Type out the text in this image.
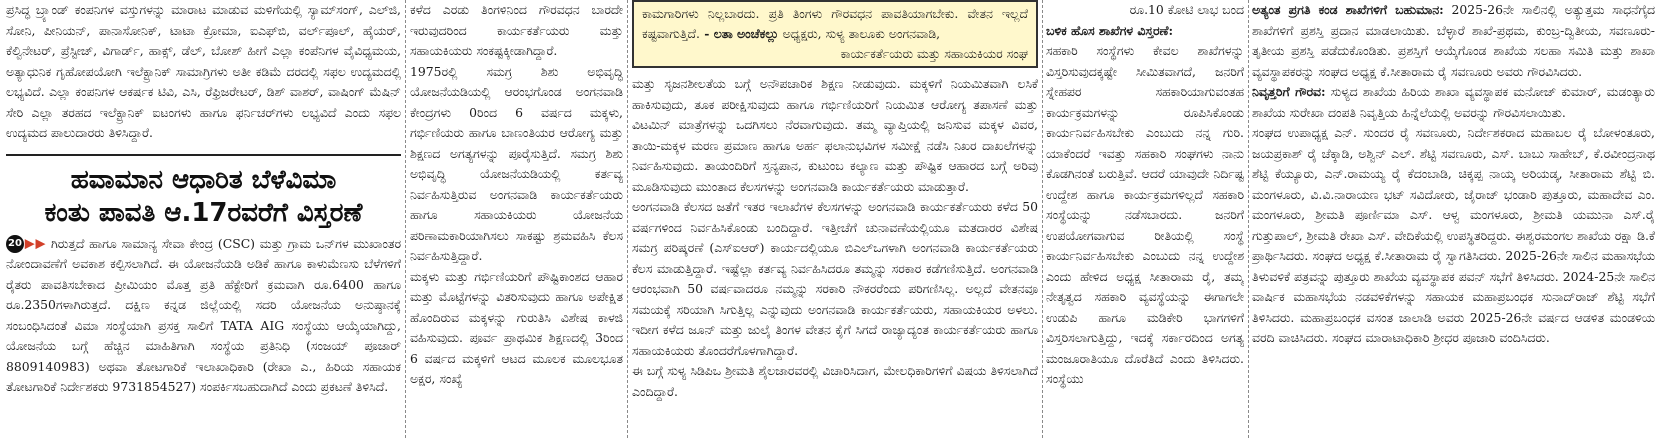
ಪ್ರಸಿದ್ಧ ಬ್ರ್ಯಾಂಡ್ ಕಂಪನಿಗಳ ವಸ್ತುಗಳನ್ನು ಮಾರಾಟ ಮಾಡುವ ಮಳಿಗೆಯಲ್ಲಿ ಸ್ಯಾಮ್‌ಸಂಗ್, ಎಲ್‌ಜಿ, ಸೋನಿ, ಪೀನಿಯನ್, ಪಾನಾಸೋನಿಕ್, ಟಾಟಾ ಕ್ರೋಮಾ, ಐಎಫ್‌ಬಿ, ವರ್ಲ್‌ಪೂಲ್, ಹೈಯರ್, ಕೆಲ್ವಿನೇಟರ್, ಪ್ರೆಸ್ಟೀಜ್, ವಿಗಾರ್ಡ್, ಹಾಕ್ಸ್, ಡೆಲ್, ಬೋಶ್ ಹೀಗೆ ಎಲ್ಲಾ ಕಂಪೆನಿಗಳ ವೈವಿಧ್ಯಮಯ, ಅತ್ಯಾಧುನಿಕ ಗೃಹೋಪಯೋಗಿ ಇಲೆಕ್ಟ್ರಾನಿಕ್ ಸಾಮಾಗ್ರಿಗಳು ಅತೀ ಕಡಿಮೆ ದರದಲ್ಲಿ ಸಫಲ ಉದ್ಯಮದಲ್ಲಿ ಲಭ್ಯವಿದೆ. ಎಲ್ಲಾ ಕಂಪನಿಗಳ ಆಕರ್ಷಕ ಟಿವಿ, ಎಸಿ, ರೆಫ್ರಿಜರೇಟರ್, ಡಿಶ್ ವಾಶರ್, ವಾಷಿಂಗ್ ಮೆಷಿನ್ ಸೇರಿ ಎಲ್ಲಾ ತರಹದ ಇಲೆಕ್ಟ್ರಾನಿಕ್ ಐಟಂಗಳು ಹಾಗೂ ಫರ್ನಿಚರ್‌ಗಳು ಲಭ್ಯವಿದೆ ಎಂದು ಸಫಲ ಉದ್ಯಮದ ಪಾಲುದಾರರು ತಿಳಿಸಿದ್ದಾರೆ.

ಹವಾಮಾನ ಆಧಾರಿತ ಬೆಳೆವಿಮಾ
ಕಂತು ಪಾವತಿ ಆ.17ರವರೆಗೆ ವಿಸ್ತರಣೆ

20 ▶▶ ಗಿರುತ್ತದೆ ಹಾಗೂ ಸಾಮಾನ್ಯ ಸೇವಾ ಕೇಂದ್ರ (CSC) ಮತ್ತು ಗ್ರಾಮ ಒನ್‌ಗಳ ಮುಖಾಂತರ ನೋಂದಾವಣೆಗೆ ಅವಕಾಶ ಕಲ್ಪಿಸಲಾಗಿದೆ. ಈ ಯೋಜನೆಯಡಿ ಅಡಿಕೆ ಹಾಗೂ ಕಾಳುಮೆಣಸು ಬೆಳೆಗಳಿಗೆ ರೈತರು ಪಾವತಿಸಬೇಕಾದ ಪ್ರೀಮಿಯಂ ಮೊತ್ತ ಪ್ರತಿ ಹೆಕ್ಟೇರಿಗೆ ಕ್ರಮವಾಗಿ ರೂ.6400 ಹಾಗೂ ರೂ.2350ಗಳಾಗಿರುತ್ತದೆ. ದಕ್ಷಿಣ ಕನ್ನಡ ಜಿಲ್ಲೆಯಲ್ಲಿ ಸದರಿ ಯೋಜನೆಯ ಅನುಷ್ಠಾನಕ್ಕೆ ಸಂಬಂಧಿಸಿದಂತೆ ವಿಮಾ ಸಂಸ್ಥೆಯಾಗಿ ಪ್ರಸಕ್ತ ಸಾಲಿಗೆ TATA AIG ಸಂಸ್ಥೆಯು ಆಯ್ಕೆಯಾಗಿದ್ದು, ಯೋಜನೆಯ ಬಗ್ಗೆ ಹೆಚ್ಚಿನ ಮಾಹಿತಿಗಾಗಿ ಸಂಸ್ಥೆಯ ಪ್ರತಿನಿಧಿ (ಸಂಜಯ್ ಪೂಜಾರ್ 8809140983) ಅಥವಾ ತೋಟಗಾರಿಕೆ ಇಲಾಖಾಧಿಕಾರಿ (ರೇಖಾ ಎ., ಹಿರಿಯ ಸಹಾಯಕ ತೋಟಗಾರಿಕೆ ನಿರ್ದೇಶಕರು 9731854527) ಸಂಪರ್ಕಿಸಬಹುದಾಗಿದೆ ಎಂದು ಪ್ರಕಟಣೆ ತಿಳಿಸಿದೆ.

ಕಳೆದ ಎರಡು ತಿಂಗಳಿನಿಂದ ಗೌರವಧನ ಬಾರದೇ ಇರುವುದರಿಂದ ಕಾರ್ಯಕರ್ತೆಯರು ಮತ್ತು ಸಹಾಯಕಿಯರು ಸಂಕಷ್ಟಕ್ಕೀಡಾಗಿದ್ದಾರೆ.

1975ರಲ್ಲಿ ಸಮಗ್ರ ಶಿಶು ಅಭಿವೃದ್ಧಿ ಯೋಜನೆಯಡಿಯಲ್ಲಿ ಆರಂಭಗೊಂಡ ಅಂಗನವಾಡಿ ಕೇಂದ್ರಗಳು 0ರಿಂದ 6 ವರ್ಷದ ಮಕ್ಕಳು, ಗರ್ಭಿಣಿಯರು ಹಾಗೂ ಬಾಣಂತಿಯರ ಆರೋಗ್ಯ ಮತ್ತು ಶಿಕ್ಷಣದ ಅಗತ್ಯಗಳನ್ನು ಪೂರೈಸುತ್ತಿದೆ. ಸಮಗ್ರ ಶಿಶು ಅಭಿವೃದ್ಧಿ ಯೋಜನೆಯಡಿಯಲ್ಲಿ ಕರ್ತವ್ಯ ನಿರ್ವಹಿಸುತ್ತಿರುವ ಅಂಗನವಾಡಿ ಕಾರ್ಯಕರ್ತೆಯರು ಹಾಗೂ ಸಹಾಯಕಿಯರು ಯೋಜನೆಯ ಪರಿಣಾಮಕಾರಿಯಾಗಿಸಲು ಸಾಕಷ್ಟು ಶ್ರಮವಹಿಸಿ ಕೆಲಸ ನಿರ್ವಹಿಸುತ್ತಿದ್ದಾರೆ.

ಮಕ್ಕಳು ಮತ್ತು ಗರ್ಭಿಣಿಯರಿಗೆ ಪೌಷ್ಟಿಕಾಂಶದ ಆಹಾರ ಮತ್ತು ಮೊಟ್ಟೆಗಳನ್ನು ವಿತರಿಸುವುದು ಹಾಗೂ ಅಪೇಕ್ಷಿತ ಹೊಂದಿರುವ ಮಕ್ಕಳನ್ನು ಗುರುತಿಸಿ ವಿಶೇಷ ಕಾಳಜಿ ವಹಿಸುವುದು. ಪೂರ್ವ ಪ್ರಾಥಮಿಕ ಶಿಕ್ಷಣದಲ್ಲಿ 3ರಿಂದ 6 ವರ್ಷದ ಮಕ್ಕಳಿಗೆ ಆಟದ ಮೂಲಕ ಮೂಲಭೂತ ಅಕ್ಷರ, ಸಂಖ್ಯೆ

ಕಾಮಗಾರಿಗಳು ನಿಲ್ಲಬಾರದು. ಪ್ರತಿ ತಿಂಗಳು ಗೌರವಧನ ಪಾವತಿಯಾಗಬೇಕು. ವೇತನ ಇಲ್ಲದೆ ಕಷ್ಟವಾಗುತ್ತಿದೆ. - ಲತಾ ಅಂಚೆಕಲ್ಲು ಅಧ್ಯಕ್ಷರು, ಸುಳ್ಯ ತಾಲೂಕು ಅಂಗನವಾಡಿ,
ಕಾರ್ಯಕರ್ತೆಯರು ಮತ್ತು ಸಹಾಯಕಿಯರ ಸಂಘ

ಮತ್ತು ಸೃಜನಶೀಲತೆಯ ಬಗ್ಗೆ ಅನೌಪಚಾರಿಕ ಶಿಕ್ಷಣ ನೀಡುವುದು. ಮಕ್ಕಳಿಗೆ ನಿಯಮಿತವಾಗಿ ಲಸಿಕೆ ಹಾಕಿಸುವುದು, ತೂಕ ಪರೀಕ್ಷಿಸುವುದು ಹಾಗೂ ಗರ್ಭಿಣಿಯರಿಗೆ ನಿಯಮಿತ ಆರೋಗ್ಯ ತಪಾಸಣೆ ಮತ್ತು ವಿಟಮಿನ್ ಮಾತ್ರೆಗಳನ್ನು ಒದಗಿಸಲು ನೆರವಾಗುವುದು. ತಮ್ಮ ವ್ಯಾಪ್ತಿಯಲ್ಲಿ ಜನಿಸುವ ಮಕ್ಕಳ ವಿವರ, ತಾಯಿ-ಮಕ್ಕಳ ಮರಣ ಪ್ರಮಾಣ ಹಾಗೂ ಅರ್ಹ ಫಲಾನುಭವಿಗಳ ಸಮೀಕ್ಷೆ ನಡೆಸಿ ನಿಖರ ದಾಖಲೆಗಳನ್ನು ನಿರ್ವಹಿಸುವುದು. ತಾಯಂದಿರಿಗೆ ಸ್ತನ್ಯಪಾನ, ಕುಟುಂಬ ಕಲ್ಯಾಣ ಮತ್ತು ಪೌಷ್ಟಿಕ ಆಹಾರದ ಬಗ್ಗೆ ಅರಿವು ಮೂಡಿಸುವುದು ಮುಂತಾದ ಕೆಲಸಗಳನ್ನು ಅಂಗನವಾಡಿ ಕಾರ್ಯಕರ್ತೆಯರು ಮಾಡುತ್ತಾರೆ.

ಅಂಗನವಾಡಿ ಕೆಲಸದ ಜತೆಗೆ ಇತರ ಇಲಾಖೆಗಳ ಕೆಲಸಗಳನ್ನು ಅಂಗನವಾಡಿ ಕಾರ್ಯಕರ್ತೆಯರು ಕಳೆದ 50 ವರ್ಷಗಳಿಂದ ನಿರ್ವಹಿಸಿಕೊಂಡು ಬಂದಿದ್ದಾರೆ. ಇತ್ತೀಚೆಗೆ ಚುನಾವಣೆಯಲ್ಲಿಯೂ ಮತದಾರರ ವಿಶೇಷ ಸಮಗ್ರ ಪರಿಷ್ಕರಣೆ (ಎಸ್‌ಐಆರ್) ಕಾರ್ಯದಲ್ಲಿಯೂ ಬಿಎಲ್‌ಒಗಳಾಗಿ ಅಂಗನವಾಡಿ ಕಾರ್ಯಕರ್ತೆಯರು ಕೆಲಸ ಮಾಡುತ್ತಿದ್ದಾರೆ. ಇಷ್ಟೆಲ್ಲಾ ಕರ್ತವ್ಯ ನಿರ್ವಹಿಸಿದರೂ ತಮ್ಮನ್ನು ಸರಕಾರ ಕಡೆಗಣಿಸುತ್ತಿದೆ. ಅಂಗನವಾಡಿ ಆರಂಭವಾಗಿ 50 ವರ್ಷವಾದರೂ ನಮ್ಮನ್ನು ಸರಕಾರಿ ನೌಕರರೆಂದು ಪರಿಗಣಿಸಿಲ್ಲ. ಅಲ್ಲದೆ ವೇತನವೂ ಸಮಯಕ್ಕೆ ಸರಿಯಾಗಿ ಸಿಗುತ್ತಿಲ್ಲ ಎನ್ನುವುದು ಅಂಗನವಾಡಿ ಕಾರ್ಯಕರ್ತೆಯರು, ಸಹಾಯಕಿಯರ ಅಳಲು. ಇದೀಗ ಕಳೆದ ಜೂನ್ ಮತ್ತು ಜುಲೈ ತಿಂಗಳ ವೇತನ ಕೈಗೆ ಸಿಗದೆ ರಾಜ್ಯಾದ್ಯಂತ ಕಾರ್ಯಕರ್ತೆಯರು ಹಾಗೂ ಸಹಾಯಕಿಯರು ತೊಂದರೆಗೊಳಗಾಗಿದ್ದಾರೆ.

ಈ ಬಗ್ಗೆ ಸುಳ್ಯ ಸಿಡಿಪಿಒ ಶ್ರೀಮತಿ ಶೈಲಜಾರವರಲ್ಲಿ ವಿಚಾರಿಸಿದಾಗ, ಮೇಲಧಿಕಾರಿಗಳಿಗೆ ವಿಷಯ ತಿಳಿಸಲಾಗಿದೆ ಎಂದಿದ್ದಾರೆ.

ರೂ.10 ಕೋಟಿ ಲಾಭ ಬಂದ

ಬಳಿಕ ಹೊಸ ಶಾಖೆಗಳ ವಿಸ್ತರಣೆ:

ಸಹಕಾರಿ ಸಂಸ್ಥೆಗಳು ಕೇವಲ ಶಾಖೆಗಳನ್ನು ವಿಸ್ತರಿಸುವುದಕ್ಕಷ್ಟೇ ಸೀಮಿತವಾಗದೆ, ಜನರಿಗೆ ಸ್ನೇಹಪರ ಸಹಕಾರಿಯಾಗುವಂತಹ ಕಾರ್ಯಕ್ರಮಗಳನ್ನು ರೂಪಿಸಿಕೊಂಡು ಕಾರ್ಯನಿರ್ವಹಿಸಬೇಕು ಎಂಬುದು ನನ್ನ ಗುರಿ. ಯಾಕೆಂದರೆ ಇವತ್ತು ಸಹಕಾರಿ ಸಂಘಗಳು ನಾನು ಕೊಡಗಿನಂತೆ ಬರುತ್ತಿವೆ. ಆದರೆ ಯಾವುದೇ ನಿರ್ದಿಷ್ಟ ಉದ್ದೇಶ ಹಾಗೂ ಕಾರ್ಯಕ್ರಮಗಳಿಲ್ಲದೆ ಸಹಕಾರಿ ಸಂಸ್ಥೆಯನ್ನು ನಡೆಸಬಾರದು. ಜನರಿಗೆ ಉಪಯೋಗವಾಗುವ ರೀತಿಯಲ್ಲಿ ಸಂಸ್ಥೆ ಕಾರ್ಯನಿರ್ವಹಿಸಬೇಕು ಎಂಬುದು ನನ್ನ ಉದ್ದೇಶ ಎಂದು ಹೇಳಿದ ಅಧ್ಯಕ್ಷ ಸೀತಾರಾಮ ರೈ, ತಮ್ಮ ನೇತೃತ್ವದ ಸಹಕಾರಿ ವ್ಯವಸ್ಥೆಯನ್ನು ಈಗಾಗಲೇ ಉಡುಪಿ ಹಾಗೂ ಮಡಿಕೇರಿ ಭಾಗಗಳಿಗೆ ವಿಸ್ತರಿಸಲಾಗುತ್ತಿದ್ದು, ಇದಕ್ಕೆ ಸರ್ಕಾರದಿಂದ ಅಗತ್ಯ ಮಂಜೂರಾತಿಯೂ ದೊರೆತಿದೆ ಎಂದು ತಿಳಿಸಿದರು. ಸಂಸ್ಥೆಯು

ಅತ್ಯಂತ ಪ್ರಗತಿ ಕಂಡ ಶಾಖೆಗಳಿಗೆ ಬಹುಮಾನ: 2025-26ನೇ ಸಾಲಿನಲ್ಲಿ ಅತ್ಯುತ್ತಮ ಸಾಧನೆಗೈದ ಶಾಖೆಗಳಿಗೆ ಪ್ರಶಸ್ತಿ ಪ್ರದಾನ ಮಾಡಲಾಯಿತು. ಬೆಳ್ಳಾರೆ ಶಾಖೆ-ಪ್ರಥಮ, ಕುಂಬ್ರ-ದ್ವಿತೀಯ, ಸವಣೂರು-ತೃತೀಯ ಪ್ರಶಸ್ತಿ ಪಡೆದುಕೊಂಡಿತು. ಪ್ರಶಸ್ತಿಗೆ ಆಯ್ಕೆಗೊಂಡ ಶಾಖೆಯ ಸಲಹಾ ಸಮಿತಿ ಮತ್ತು ಶಾಖಾ ವ್ಯವಸ್ಥಾಪಕರನ್ನು ಸಂಘದ ಅಧ್ಯಕ್ಷ ಕೆ.ಸೀತಾರಾಮ ರೈ ಸವಣೂರು ಅವರು ಗೌರವಿಸಿದರು.

ನಿವೃತ್ತರಿಗೆ ಗೌರವ: ಸುಳ್ಯದ ಶಾಖೆಯ ಹಿರಿಯ ಶಾಖಾ ವ್ಯವಸ್ಥಾಪಕ ಮನೋಜ್ ಕುಮಾರ್, ಮಡಂತ್ಯಾರು ಶಾಖೆಯ ಸುರೇಖಾ ದಂಪತಿ ನಿವೃತ್ತಿಯ ಹಿನ್ನೆಲೆಯಲ್ಲಿ ಅವರನ್ನು ಗೌರವಿಸಲಾಯಿತು.

ಸಂಘದ ಉಪಾಧ್ಯಕ್ಷ ಎನ್. ಸುಂದರ ರೈ ಸವಣೂರು, ನಿರ್ದೇಶಕರಾದ ಮಹಾಬಲ ರೈ ಬೋಳಂತೂರು, ಜಯಪ್ರಕಾಶ್ ರೈ ಚೆಕ್ಕಾಡಿ, ಅಶ್ವಿನ್ ಎಲ್. ಶೆಟ್ಟಿ ಸವಣೂರು, ಎಸ್. ಬಾಬು ಸಾಹೇಬ್, ಕೆ.ರವೀಂದ್ರನಾಥ ಶೆಟ್ಟಿ ಕೆಯ್ಯೂರು, ಎನ್.ರಾಮಯ್ಯ ರೈ ಕೆದಂಬಾಡಿ, ಚಿಕ್ಕಪ್ಪ ನಾಯ್ಕ ಅರಿಯಡ್ಕ, ಸೀತಾರಾಮ ಶೆಟ್ಟಿ ಬಿ. ಮಂಗಳೂರು, ವಿ.ವಿ.ನಾರಾಯಣ ಭಟ್ ಸವಿದೋರು, ಜೈರಾಜ್ ಭಂಡಾರಿ ಪುತ್ತೂರು, ಮಹಾದೇವ ಎಂ. ಮಂಗಳೂರು, ಶ್ರೀಮತಿ ಪೂರ್ಣಿಮಾ ಎಸ್. ಆಳ್ವ ಮಂಗಳೂರು, ಶ್ರೀಮತಿ ಯಮುನಾ ಎಸ್.ರೈ ಗುತ್ತುಪಾಲ್, ಶ್ರೀಮತಿ ರೇಖಾ ಎಸ್. ವೇದಿಕೆಯಲ್ಲಿ ಉಪಸ್ಥಿತರಿದ್ದರು. ಈಶ್ವರಮಂಗಲ ಶಾಖೆಯ ರಕ್ಷಾ ಡಿ.ಕೆ ಪ್ರಾರ್ಥಿಸಿದರು. ಸಂಘದ ಅಧ್ಯಕ್ಷ ಕೆ.ಸೀತಾರಾಮ ರೈ ಸ್ವಾಗತಿಸಿದರು. 2025-26ನೇ ಸಾಲಿನ ಮಹಾಸಭೆಯ ತಿಳುವಳಿಕೆ ಪತ್ರವನ್ನು ಪುತ್ತೂರು ಶಾಖೆಯ ವ್ಯವಸ್ಥಾಪಕ ಪವನ್ ಸಭೆಗೆ ತಿಳಿಸಿದರು. 2024-25ನೇ ಸಾಲಿನ ವಾರ್ಷಿಕ ಮಹಾಸಭೆಯ ನಡವಳಿಕೆಗಳನ್ನು ಸಹಾಯಕ ಮಹಾಪ್ರಬಂಧಕ ಸುನಾದ್‌ರಾಜ್ ಶೆಟ್ಟಿ ಸಭೆಗೆ ತಿಳಿಸಿದರು. ಮಹಾಪ್ರಬಂಧಕ ವಸಂತ ಜಾಲಾಡಿ ಅವರು 2025-26ನೇ ವರ್ಷದ ಆಡಳಿತ ಮಂಡಳಿಯ ವರದಿ ವಾಚಿಸಿದರು. ಸಂಘದ ಮಾರಾಟಾಧಿಕಾರಿ ಶ್ರೀಧರ ಪೂಜಾರಿ ವಂದಿಸಿದರು.
